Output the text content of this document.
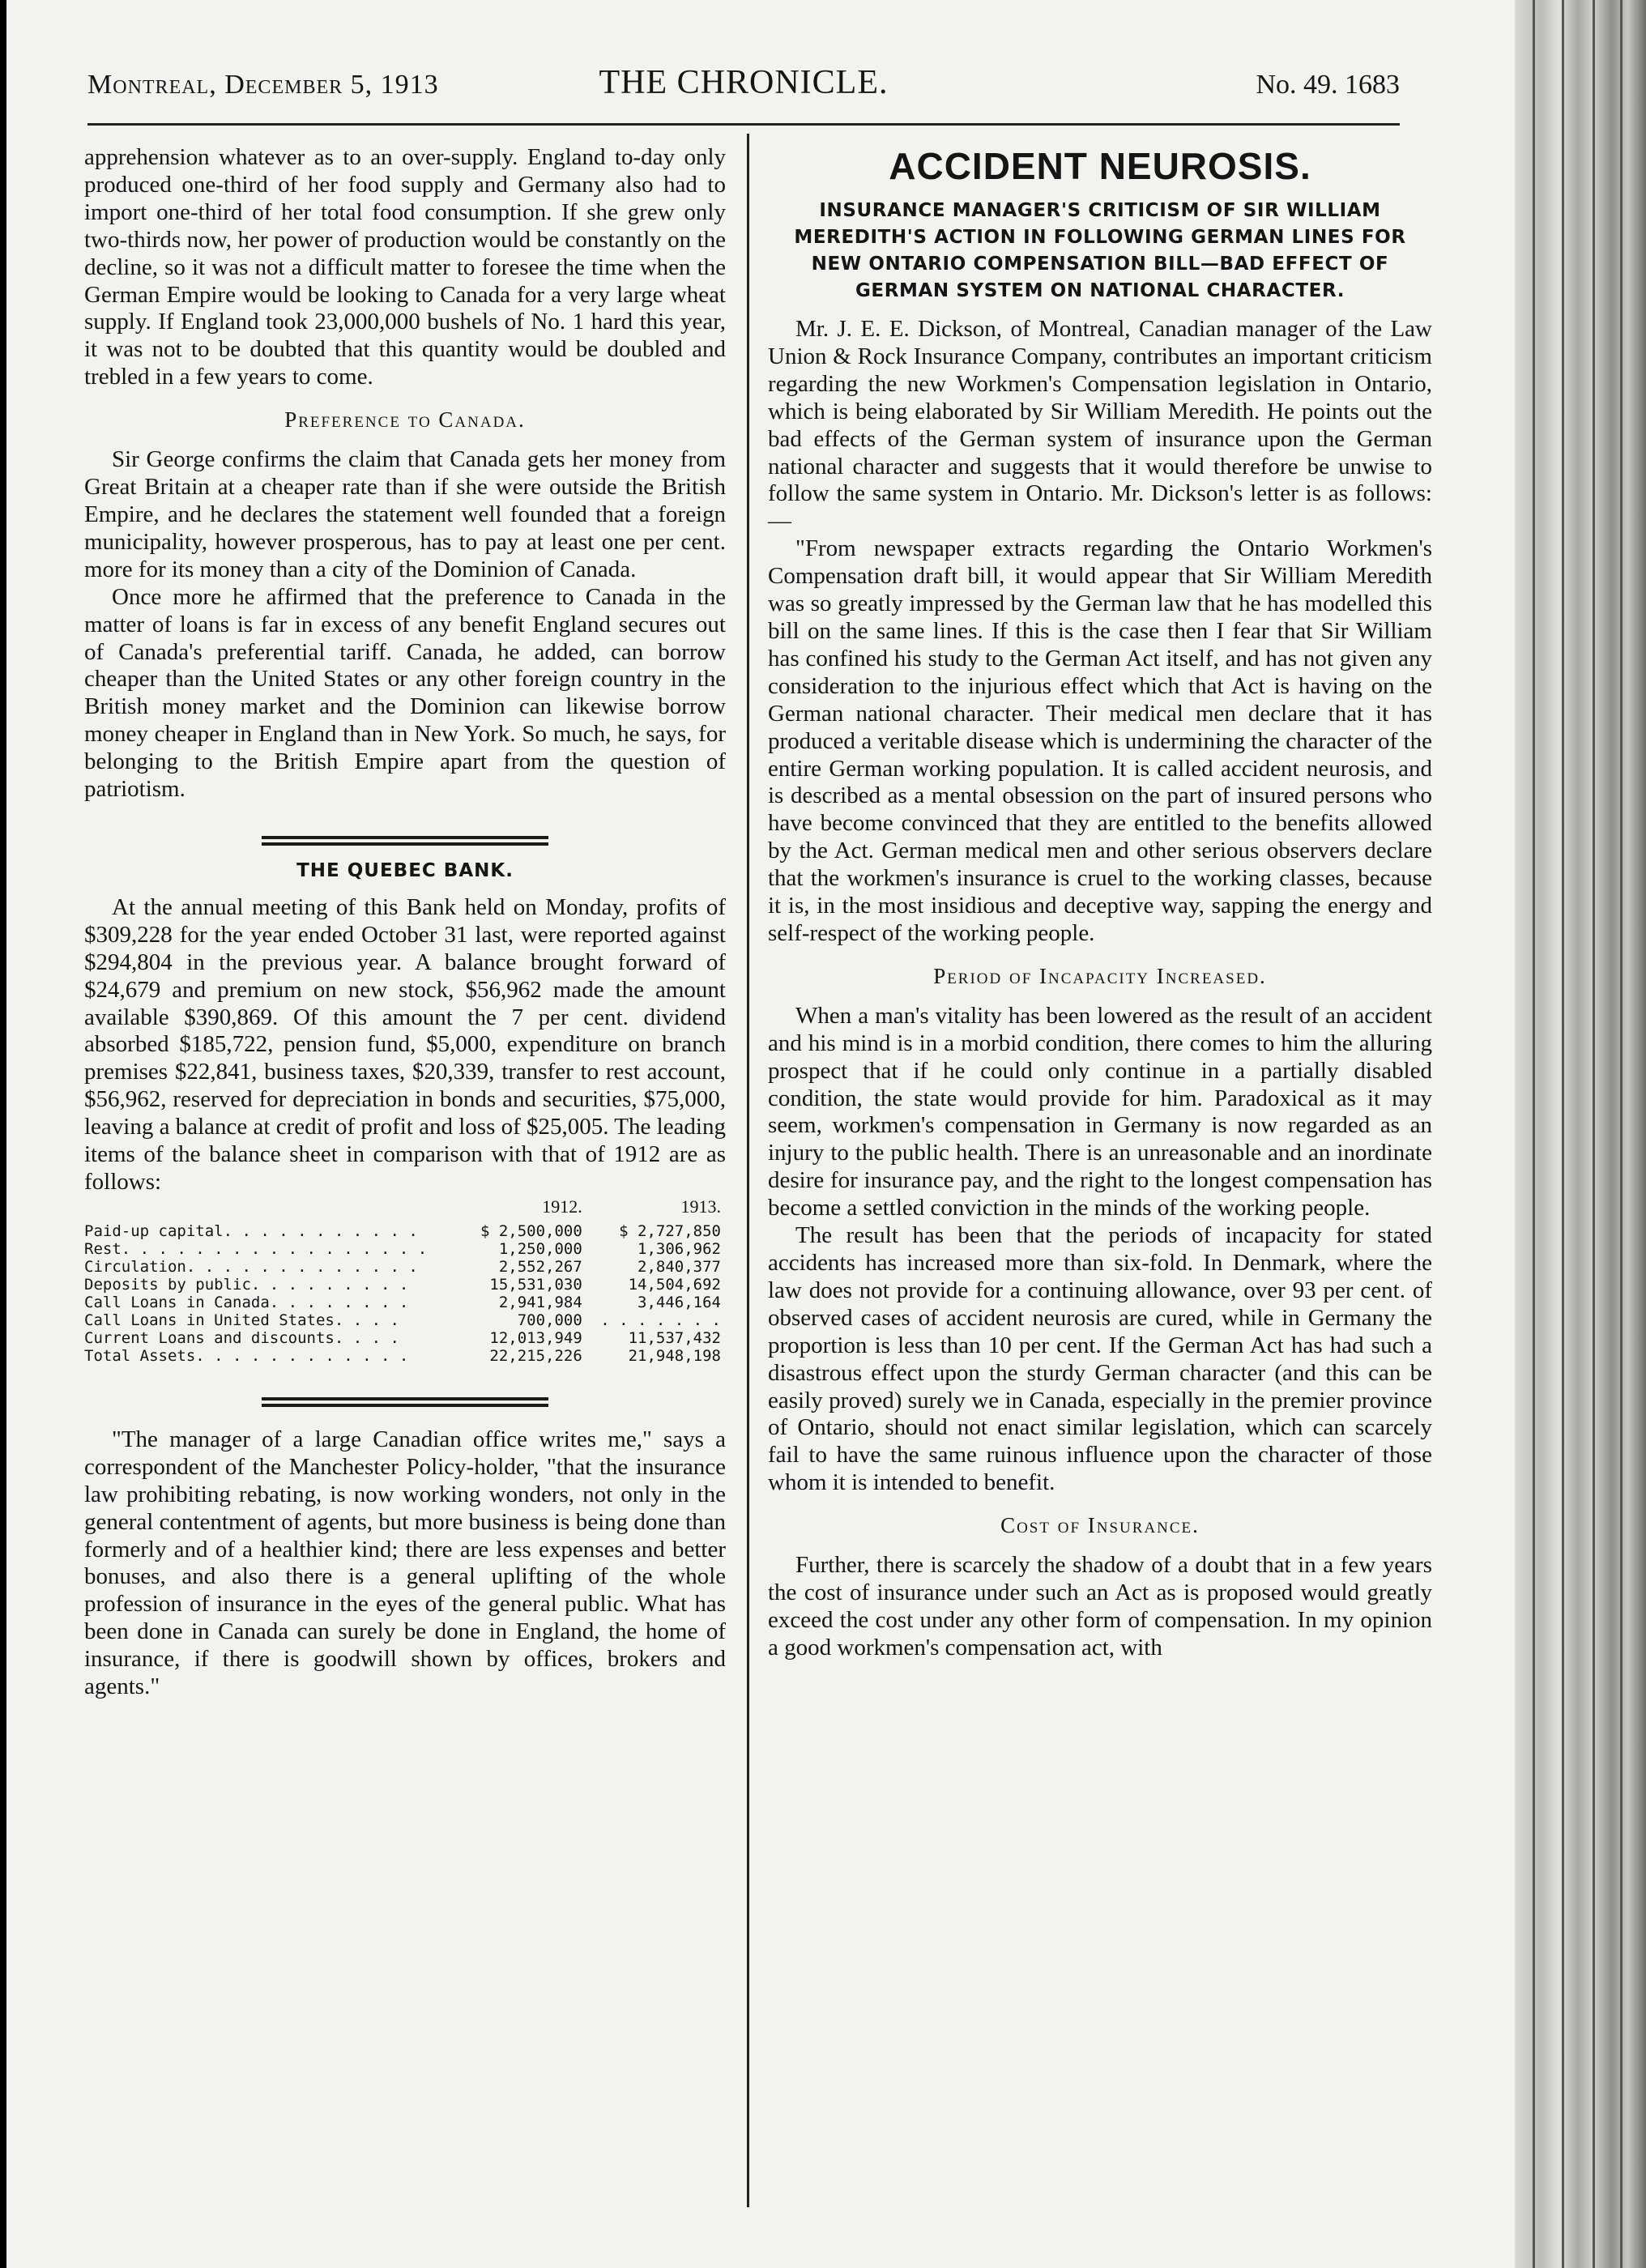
Montreal, December 5, 1913	THE CHRONICLE.	No. 49. 1683

apprehension whatever as to an over-supply. England to-day only produced one-third of her food supply and Germany also had to import one-third of her total food consumption. If she grew only two-thirds now, her power of production would be constantly on the decline, so it was not a difficult matter to foresee the time when the German Empire would be looking to Canada for a very large wheat supply. If England took 23,000,000 bushels of No. 1 hard this year, it was not to be doubted that this quantity would be doubled and trebled in a few years to come.

Preference to Canada.

Sir George confirms the claim that Canada gets her money from Great Britain at a cheaper rate than if she were outside the British Empire, and he declares the statement well founded that a foreign municipality, however prosperous, has to pay at least one per cent. more for its money than a city of the Dominion of Canada.

Once more he affirmed that the preference to Canada in the matter of loans is far in excess of any benefit England secures out of Canada's preferential tariff. Canada, he added, can borrow cheaper than the United States or any other foreign country in the British money market and the Dominion can likewise borrow money cheaper in England than in New York. So much, he says, for belonging to the British Empire apart from the question of patriotism.

THE QUEBEC BANK.

At the annual meeting of this Bank held on Monday, profits of $309,228 for the year ended October 31 last, were reported against $294,804 in the previous year. A balance brought forward of $24,679 and premium on new stock, $56,962 made the amount available $390,869. Of this amount the 7 per cent. dividend absorbed $185,722, pension fund, $5,000, expenditure on branch premises $22,841, business taxes, $20,339, transfer to rest account, $56,962, reserved for depreciation in bonds and securities, $75,000, leaving a balance at credit of profit and loss of $25,005. The leading items of the balance sheet in comparison with that of 1912 are as follows:

	1912.	1913.
Paid-up capital. . . . . . . . . . .	$ 2,500,000	$ 2,727,850
Rest. . . . . . . . . . . . . . . . .	1,250,000	1,306,962
Circulation. . . . . . . . . . . . .	2,552,267	2,840,377
Deposits by public. . . . . . . . .	15,531,030	14,504,692
Call Loans in Canada. . . . . . . .	2,941,984	3,446,164
Call Loans in United States. . . .	700,000	. . . . . . .
Current Loans and discounts. . . .	12,013,949	11,537,432
Total Assets. . . . . . . . . . . .	22,215,226	21,948,198

"The manager of a large Canadian office writes me," says a correspondent of the Manchester Policy-holder, "that the insurance law prohibiting rebating, is now working wonders, not only in the general contentment of agents, but more business is being done than formerly and of a healthier kind; there are less expenses and better bonuses, and also there is a general uplifting of the whole profession of insurance in the eyes of the general public. What has been done in Canada can surely be done in England, the home of insurance, if there is goodwill shown by offices, brokers and agents."

ACCIDENT NEUROSIS.
INSURANCE MANAGER'S CRITICISM OF SIR WILLIAM MEREDITH'S ACTION IN FOLLOWING GERMAN LINES FOR NEW ONTARIO COMPENSATION BILL—BAD EFFECT OF GERMAN SYSTEM ON NATIONAL CHARACTER.

Mr. J. E. E. Dickson, of Montreal, Canadian manager of the Law Union & Rock Insurance Company, contributes an important criticism regarding the new Workmen's Compensation legislation in Ontario, which is being elaborated by Sir William Meredith. He points out the bad effects of the German system of insurance upon the German national character and suggests that it would therefore be unwise to follow the same system in Ontario. Mr. Dickson's letter is as follows:—

"From newspaper extracts regarding the Ontario Workmen's Compensation draft bill, it would appear that Sir William Meredith was so greatly impressed by the German law that he has modelled this bill on the same lines. If this is the case then I fear that Sir William has confined his study to the German Act itself, and has not given any consideration to the injurious effect which that Act is having on the German national character. Their medical men declare that it has produced a veritable disease which is undermining the character of the entire German working population. It is called accident neurosis, and is described as a mental obsession on the part of insured persons who have become convinced that they are entitled to the benefits allowed by the Act. German medical men and other serious observers declare that the workmen's insurance is cruel to the working classes, because it is, in the most insidious and deceptive way, sapping the energy and self-respect of the working people.

Period of Incapacity Increased.

When a man's vitality has been lowered as the result of an accident and his mind is in a morbid condition, there comes to him the alluring prospect that if he could only continue in a partially disabled condition, the state would provide for him. Paradoxical as it may seem, workmen's compensation in Germany is now regarded as an injury to the public health. There is an unreasonable and an inordinate desire for insurance pay, and the right to the longest compensation has become a settled conviction in the minds of the working people.

The result has been that the periods of incapacity for stated accidents has increased more than six-fold. In Denmark, where the law does not provide for a continuing allowance, over 93 per cent. of observed cases of accident neurosis are cured, while in Germany the proportion is less than 10 per cent. If the German Act has had such a disastrous effect upon the sturdy German character (and this can be easily proved) surely we in Canada, especially in the premier province of Ontario, should not enact similar legislation, which can scarcely fail to have the same ruinous influence upon the character of those whom it is intended to benefit.

Cost of Insurance.

Further, there is scarcely the shadow of a doubt that in a few years the cost of insurance under such an Act as is proposed would greatly exceed the cost under any other form of compensation. In my opinion a good workmen's compensation act, with
